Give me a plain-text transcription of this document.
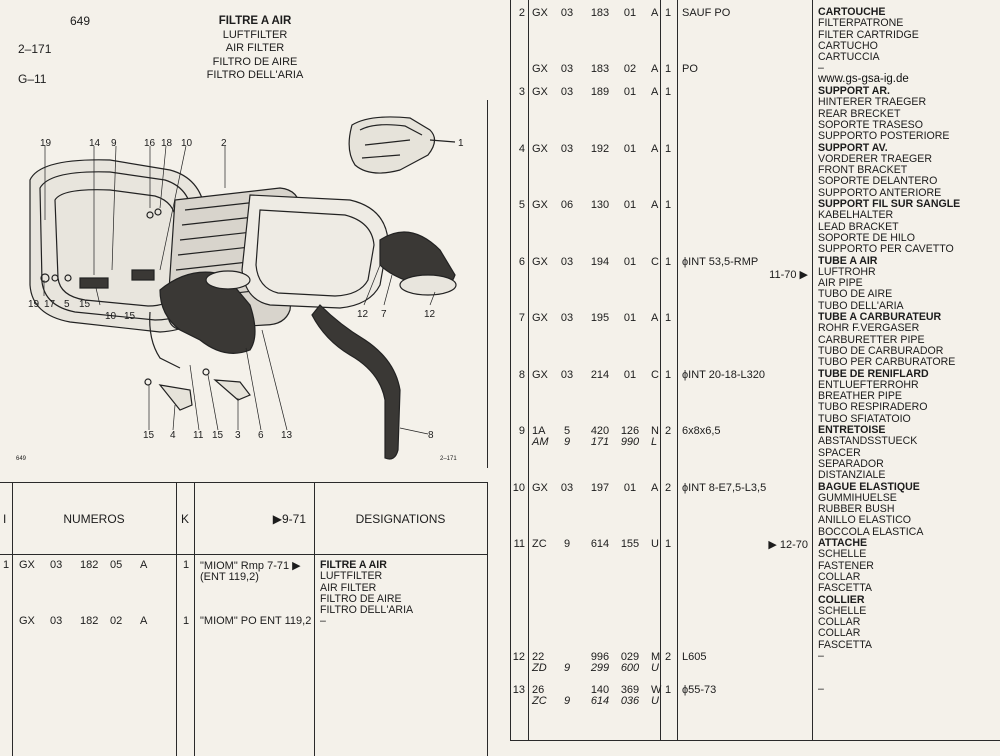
649
2–171
G–11
FILTRE A AIR
LUFTFILTER
AIR FILTER
FILTRO DE AIRE
FILTRO DELL'ARIA
19	14 9	16 18 10	2	1
19 17 5 15
10 15	12 7	12
15 4 11 15 3 6 13	8
649	2–171
I	NUMEROS	K	▶9-71	DESIGNATIONS
1 GX 03 182 05 A	1 "MIOM" Rmp 7-71 ▶
(ENT 119,2)
FILTRE A AIR
LUFTFILTER
AIR FILTER
FILTRO DE AIRE
FILTRO DELL'ARIA
GX 03 182 02 A	1 "MIOM" PO ENT 119,2 –
www.gs-gsa-ig.de
2 GX	03	183	01	A 1 SAUF PO	CARTOUCHE
FILTERPATRONE
FILTER CARTRIDGE
CARTUCHO
CARTUCCIA
GX	03	183	02	A 1 PO	–
3 GX	03	189	01	A 1	SUPPORT AR.
HINTERER TRAEGER
REAR BRECKET
SOPORTE TRASESO
SUPPORTO POSTERIORE
4 GX	03	192	01	A 1	SUPPORT AV.
VORDERER TRAEGER
FRONT BRACKET
SOPORTE DELANTERO
SUPPORTO ANTERIORE
5 GX	06	130	01	A 1	SUPPORT FIL SUR SANGLE
KABELHALTER
LEAD BRACKET
SOPORTE DE HILO
SUPPORTO PER CAVETTO
6 GX	03	194	01	C 1 ϕINT 53,5-RMP
11-70 ▶
TUBE A AIR
LUFTROHR
AIR PIPE
TUBO DE AIRE
TUBO DELL'ARIA
7 GX	03	195	01	A 1	TUBE A CARBURATEUR
ROHR F.VERGASER
CARBURETTER PIPE
TUBO DE CARBURADOR
TUBO PER CARBURATORE
8 GX	03	214	01	C 1 ϕINT 20-18-L320	TUBE DE RENIFLARD
ENTLUEFTERROHR
BREATHER PIPE
TUBO RESPIRADERO
TUBO SFIATATOIO
9 1A	5	420	126	N 2 6x8x6,5
AM	9	171	990	L
ENTRETOISE
ABSTANDSSTUECK
SPACER
SEPARADOR
DISTANZIALE
10 GX	03	197	01	A 2 ϕINT 8-E7,5-L3,5	BAGUE ELASTIQUE
GUMMIHUELSE
RUBBER BUSH
ANILLO ELASTICO
BOCCOLA ELASTICA
11 ZC	9	614	155	U 1	▶ 12-70 ATTACHE
SCHELLE
FASTENER
COLLAR
FASCETTA
COLLIER
SCHELLE
COLLAR
COLLAR
FASCETTA
12 22	996	029	M 2 L605
ZD	9	299	600	U
–
13 26	140	369	W 1 ϕ55-73
ZC	9	614	036	U
–
